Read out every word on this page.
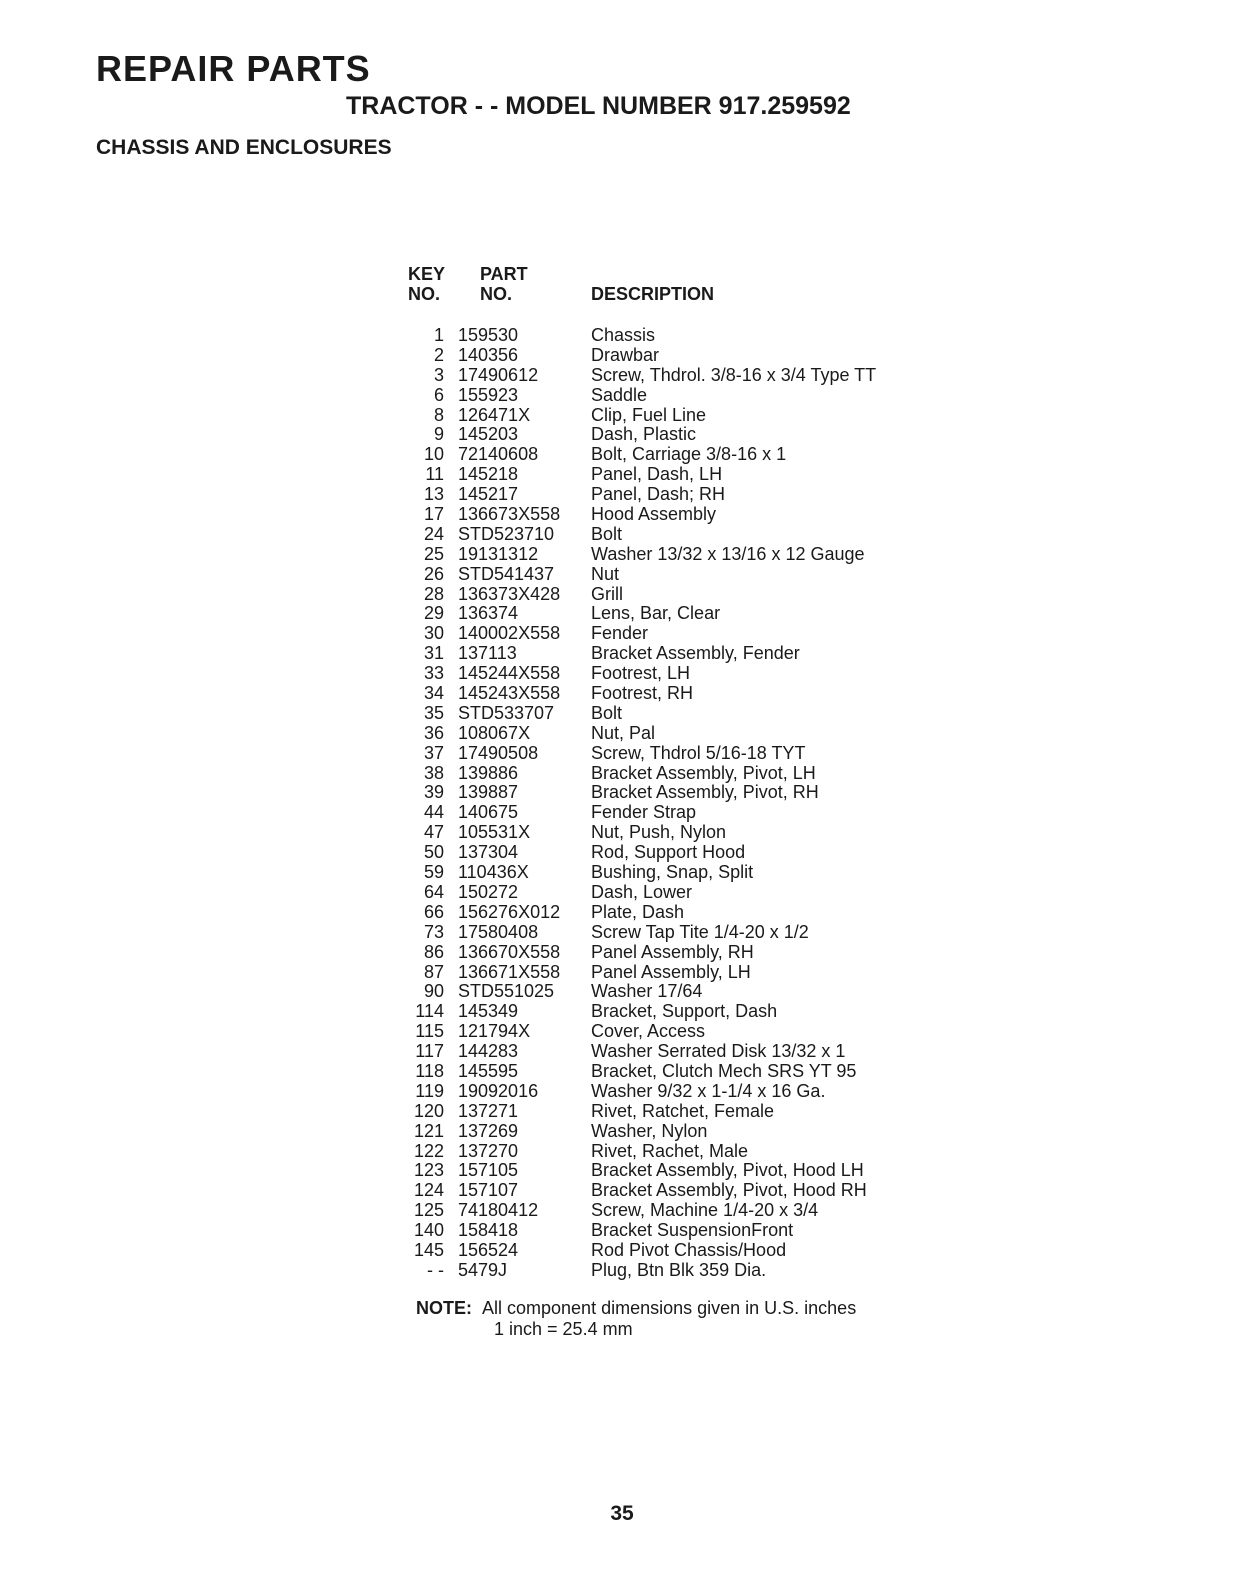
REPAIR PARTS
TRACTOR - - MODEL NUMBER 917.259592
CHASSIS AND ENCLOSURES
KEY
NO.
PART
NO.	DESCRIPTION
1 159530	Chassis
2 140356	Drawbar
3 17490612	Screw, Thdrol. 3/8-16 x 3/4 Type TT
6 155923	Saddle
8 126471X	Clip, Fuel Line
9 145203	Dash, Plastic
10 72140608	Bolt, Carriage 3/8-16 x 1
11 145218	Panel, Dash, LH
13 145217	Panel, Dash; RH
17 136673X558	Hood Assembly
24 STD523710	Bolt
25 19131312	Washer 13/32 x 13/16 x 12 Gauge
26 STD541437	Nut
28 136373X428	Grill
29 136374	Lens, Bar, Clear
30 140002X558	Fender
31 137113	Bracket Assembly, Fender
33 145244X558	Footrest, LH
34 145243X558	Footrest, RH
35 STD533707	Bolt
36 108067X	Nut, Pal
37 17490508	Screw, Thdrol 5/16-18 TYT
38 139886	Bracket Assembly, Pivot, LH
39 139887	Bracket Assembly, Pivot, RH
44 140675	Fender Strap
47 105531X	Nut, Push, Nylon
50 137304	Rod, Support Hood
59 110436X	Bushing, Snap, Split
64 150272	Dash, Lower
66 156276X012	Plate, Dash
73 17580408	Screw Tap Tite 1/4-20 x 1/2
86 136670X558	Panel Assembly, RH
87 136671X558	Panel Assembly, LH
90 STD551025	Washer 17/64
114 145349	Bracket, Support, Dash
115 121794X	Cover, Access
117 144283	Washer Serrated Disk 13/32 x 1
118 145595	Bracket, Clutch Mech SRS YT 95
119 19092016	Washer 9/32 x 1-1/4 x 16 Ga.
120 137271	Rivet, Ratchet, Female
121 137269	Washer, Nylon
122 137270	Rivet, Rachet, Male
123 157105	Bracket Assembly, Pivot, Hood LH
124 157107	Bracket Assembly, Pivot, Hood RH
125 74180412	Screw, Machine 1/4-20 x 3/4
140 158418	Bracket SuspensionFront
145 156524	Rod Pivot Chassis/Hood
- - 5479J	Plug, Btn Blk 359 Dia.
NOTE: All component dimensions given in U.S. inches
1 inch = 25.4 mm
35
